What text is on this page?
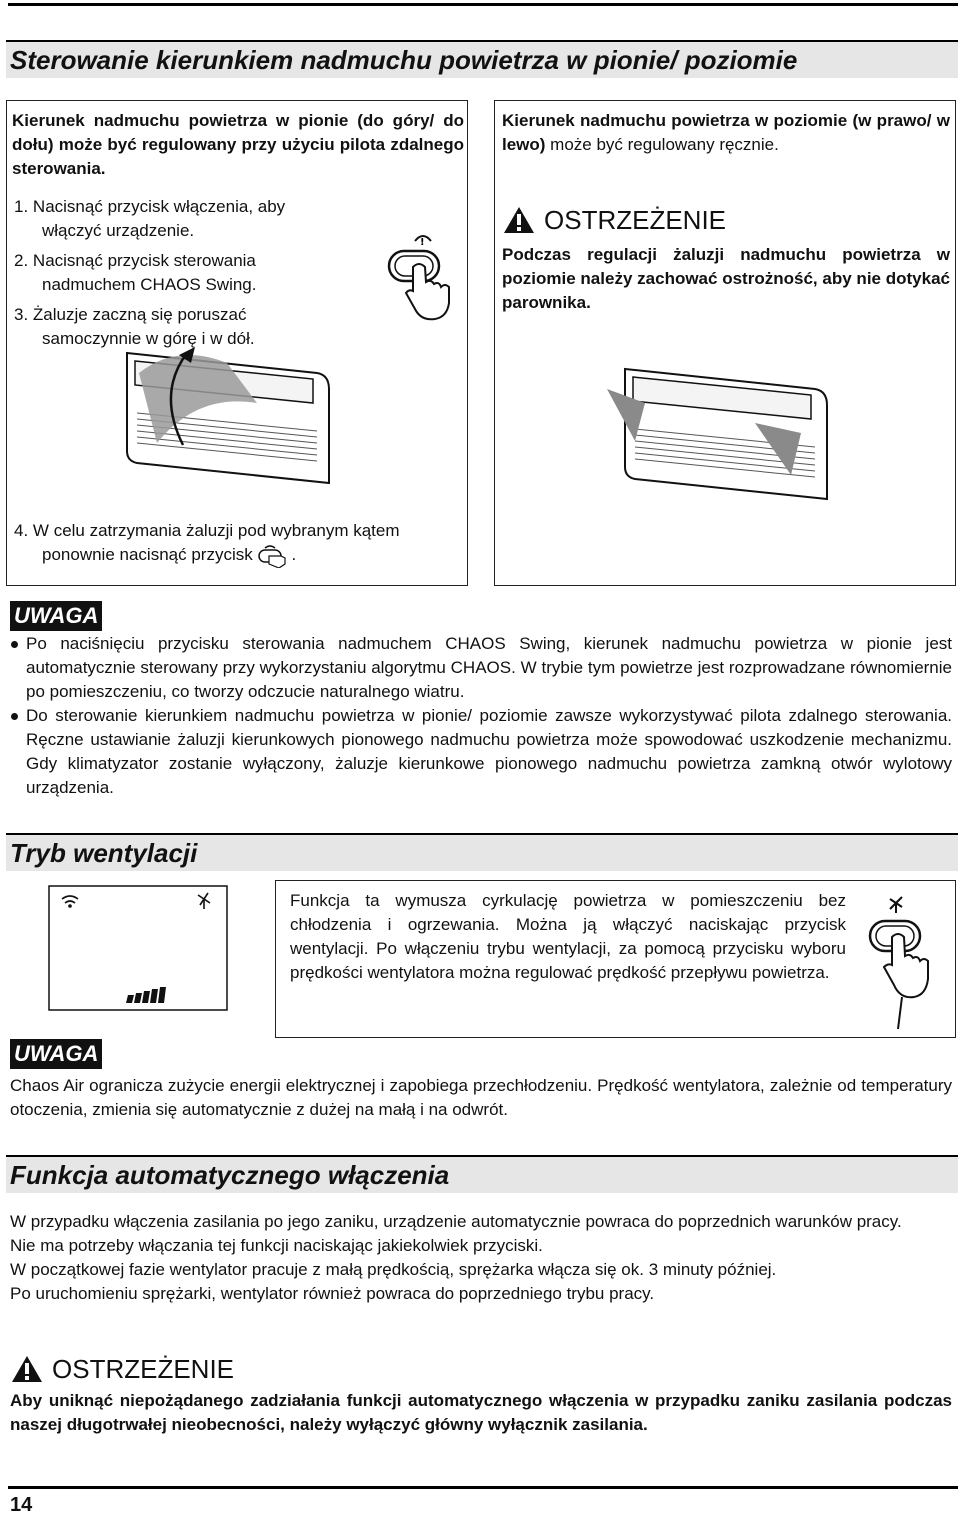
Sterowanie kierunkiem nadmuchu powietrza w pionie/ poziomie

Kierunek nadmuchu powietrza w pionie (do góry/ do dołu) może być regulowany przy użyciu pilota zdalnego sterowania.

1. Nacisnąć przycisk włączenia, aby włączyć urządzenie.
2. Nacisnąć przycisk sterowania nadmuchem CHAOS Swing.
3. Żaluzje zaczną się poruszać samoczynnie w górę i w dół.
!

4. W celu zatrzymania żaluzji pod wybranym kątem ponownie nacisnąć przycisk .

Kierunek nadmuchu powietrza w poziomie (w prawo/ w lewo) może być regulowany ręcznie.

OSTRZEŻENIE

Podczas regulacji żaluzji nadmuchu powietrza w poziomie należy zachować ostrożność, aby nie dotykać parownika.

UWAGA
Po naciśnięciu przycisku sterowania nadmuchem CHAOS Swing, kierunek nadmuchu powietrza w pionie jest automatycznie sterowany przy wykorzystaniu algorytmu CHAOS. W trybie tym powietrze jest rozprowadzane równomiernie po pomieszczeniu, co tworzy odczucie naturalnego wiatru.
Do sterowanie kierunkiem nadmuchu powietrza w pionie/ poziomie zawsze wykorzystywać pilota zdalnego sterowania. Ręczne ustawianie żaluzji kierunkowych pionowego nadmuchu powietrza może spowodować uszkodzenie mechanizmu. Gdy klimatyzator zostanie wyłączony, żaluzje kierunkowe pionowego nadmuchu powietrza zamkną otwór wylotowy urządzenia.
Tryb wentylacji

Funkcja ta wymusza cyrkulację powietrza w pomieszczeniu bez chłodzenia i ogrzewania. Można ją włączyć naciskając przycisk wentylacji. Po włączeniu trybu wentylacji, za pomocą przycisku wyboru prędkości wentylatora można regulować prędkość przepływu powietrza.

UWAGA

Chaos Air ogranicza zużycie energii elektrycznej i zapobiega przechłodzeniu. Prędkość wentylatora, zależnie od temperatury otoczenia, zmienia się automatycznie z dużej na małą i na odwrót.

Funkcja automatycznego włączenia

W przypadku włączenia zasilania po jego zaniku, urządzenie automatycznie powraca do poprzednich warunków pracy.

Nie ma potrzeby włączania tej funkcji naciskając jakiekolwiek przyciski.

W początkowej fazie wentylator pracuje z małą prędkością, sprężarka włącza się ok. 3 minuty później.

Po uruchomieniu sprężarki, wentylator również powraca do poprzedniego trybu pracy.

OSTRZEŻENIE

Aby uniknąć niepożądanego zadziałania funkcji automatycznego włączenia w przypadku zaniku zasilania podczas naszej długotrwałej nieobecności, należy wyłączyć główny wyłącznik zasilania.

14
